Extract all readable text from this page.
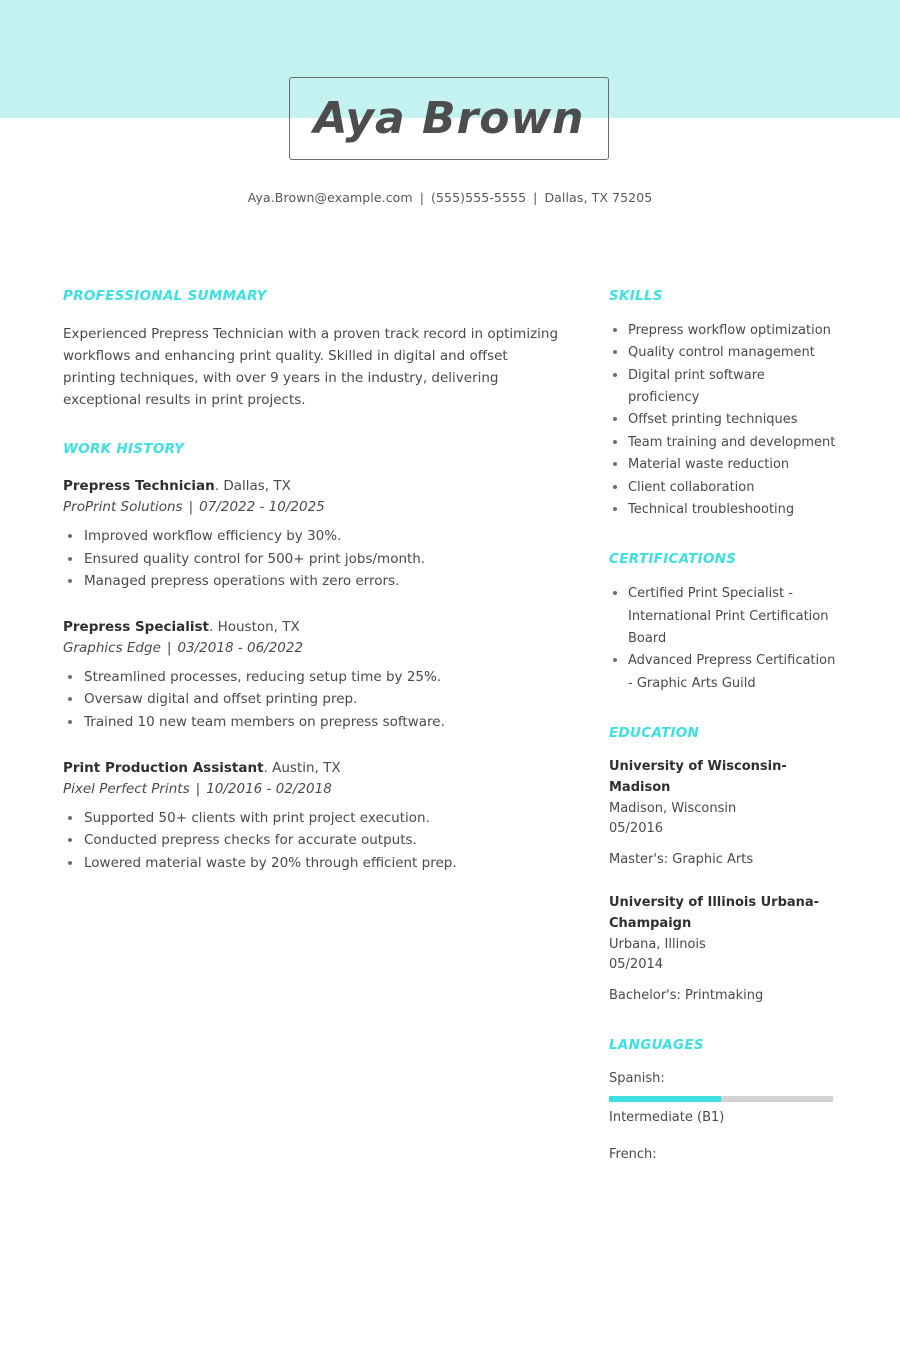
Aya Brown
Aya.Brown@example.com | (555)555-5555 | Dallas, TX 75205
PROFESSIONAL SUMMARY

Experienced Prepress Technician with a proven track record in optimizing workflows and enhancing print quality. Skilled in digital and offset printing techniques, with over 9 years in the industry, delivering exceptional results in print projects.

WORK HISTORY
Prepress Technician. Dallas, TX
ProPrint Solutions | 07/2022 - 10/2025
Improved workflow efficiency by 30%.
Ensured quality control for 500+ print jobs/month.
Managed prepress operations with zero errors.
Prepress Specialist. Houston, TX
Graphics Edge | 03/2018 - 06/2022
Streamlined processes, reducing setup time by 25%.
Oversaw digital and offset printing prep.
Trained 10 new team members on prepress software.
Print Production Assistant. Austin, TX
Pixel Perfect Prints | 10/2016 - 02/2018
Supported 50+ clients with print project execution.
Conducted prepress checks for accurate outputs.
Lowered material waste by 20% through efficient prep.
SKILLS
Prepress workflow optimization
Quality control management
Digital print software proficiency
Offset printing techniques
Team training and development
Material waste reduction
Client collaboration
Technical troubleshooting
CERTIFICATIONS
Certified Print Specialist - International Print Certification Board
Advanced Prepress Certification - Graphic Arts Guild
EDUCATION
University of Wisconsin-Madison
Madison, Wisconsin
05/2016
Master's: Graphic Arts
University of Illinois Urbana-Champaign
Urbana, Illinois
05/2014
Bachelor's: Printmaking
LANGUAGES
Spanish:
Intermediate (B1)
French:
